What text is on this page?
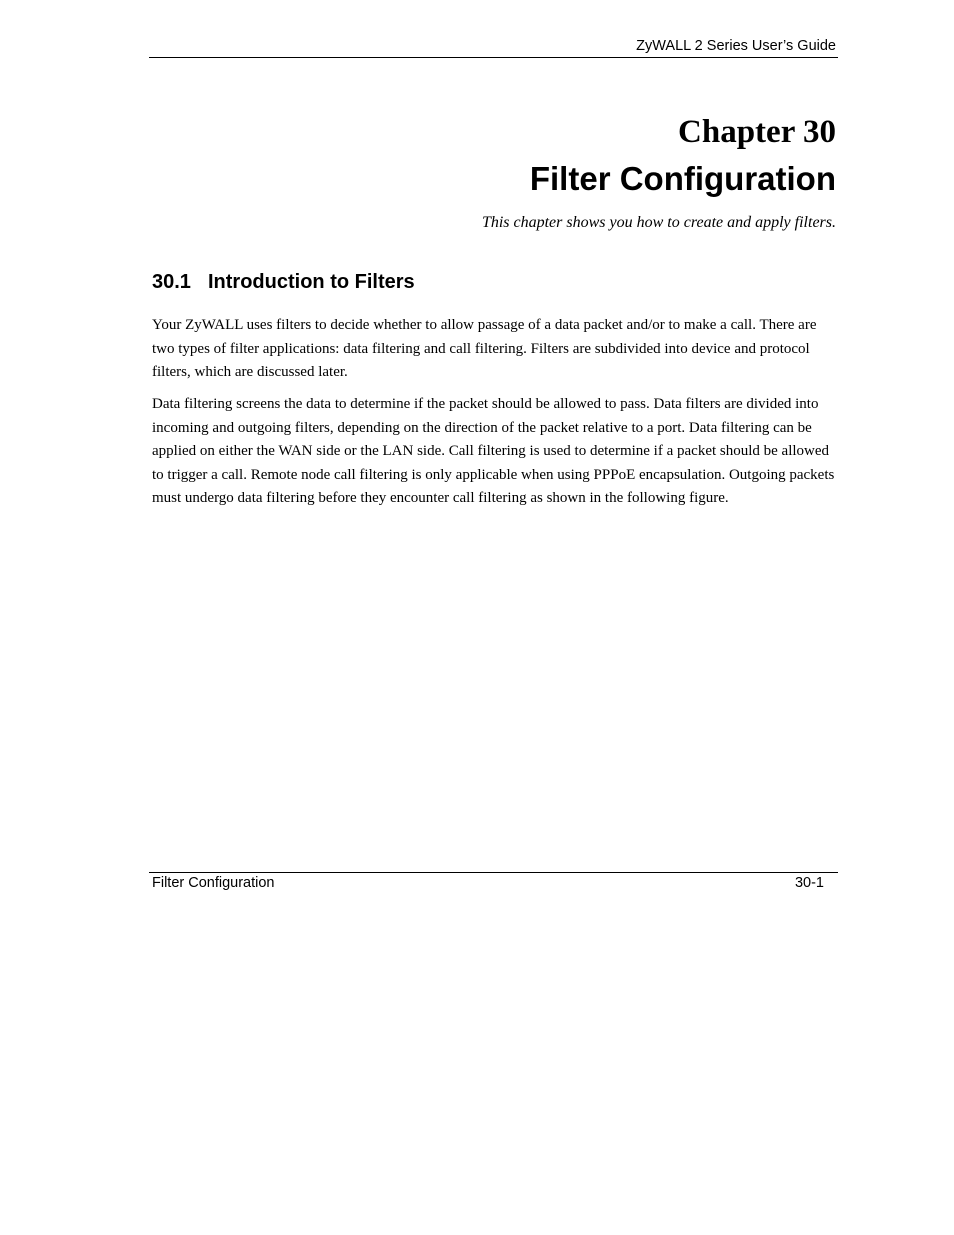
ZyWALL 2 Series User’s Guide
Chapter 30
Filter Configuration
This chapter shows you how to create and apply filters.
30.1 Introduction to Filters

Your ZyWALL uses filters to decide whether to allow passage of a data packet and/or to make a call. There are two types of filter applications: data filtering and call filtering. Filters are subdivided into device and protocol filters, which are discussed later.

Data filtering screens the data to determine if the packet should be allowed to pass. Data filters are divided into incoming and outgoing filters, depending on the direction of the packet relative to a port. Data filtering can be applied on either the WAN side or the LAN side. Call filtering is used to determine if a packet should be allowed to trigger a call. Remote node call filtering is only applicable when using PPPoE encapsulation. Outgoing packets must undergo data filtering before they encounter call filtering as shown in the following figure.

Filter Configuration	30-1
